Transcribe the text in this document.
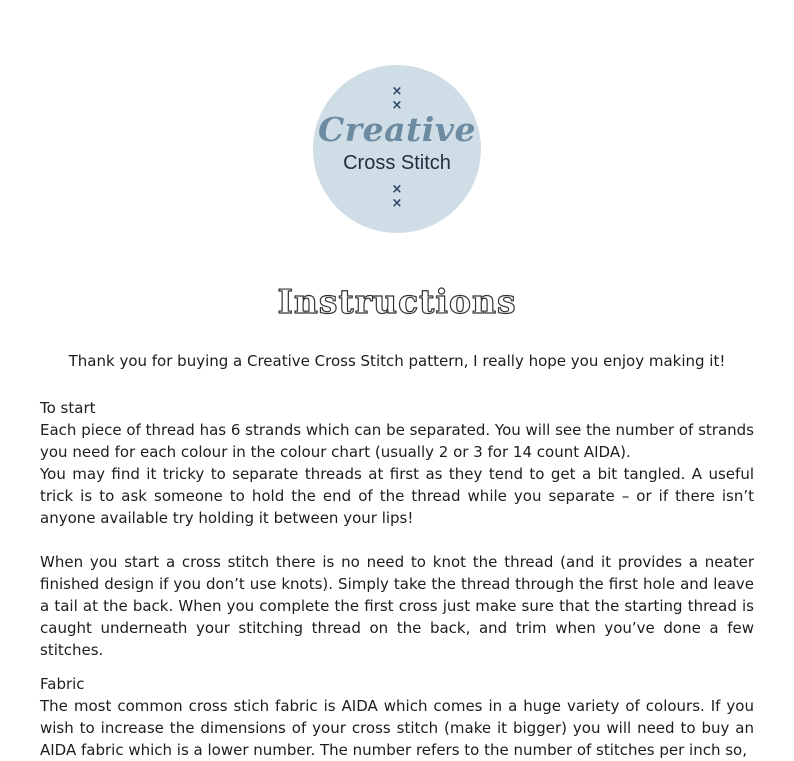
×
×
Creative
Cross Stitch
×
×
Instructions
Thank you for buying a Creative Cross Stitch pattern, I really hope you enjoy making it!
To start

Each piece of thread has 6 strands which can be separated. You will see the number of strands you need for each colour in the colour chart (usually 2 or 3 for 14 count AIDA).

You may find it tricky to separate threads at first as they tend to get a bit tangled. A useful trick is to ask someone to hold the end of the thread while you separate – or if there isn’t anyone available try holding it between your lips!

When you start a cross stitch there is no need to knot the thread (and it provides a neater finished design if you don’t use knots). Simply take the thread through the first hole and leave a tail at the back. When you complete the first cross just make sure that the starting thread is caught underneath your stitching thread on the back, and trim when you’ve done a few stitches.

Fabric

The most common cross stich fabric is AIDA which comes in a huge variety of colours. If you wish to increase the dimensions of your cross stitch (make it bigger) you will need to buy an AIDA fabric which is a lower number. The number refers to the number of stitches per inch so,
